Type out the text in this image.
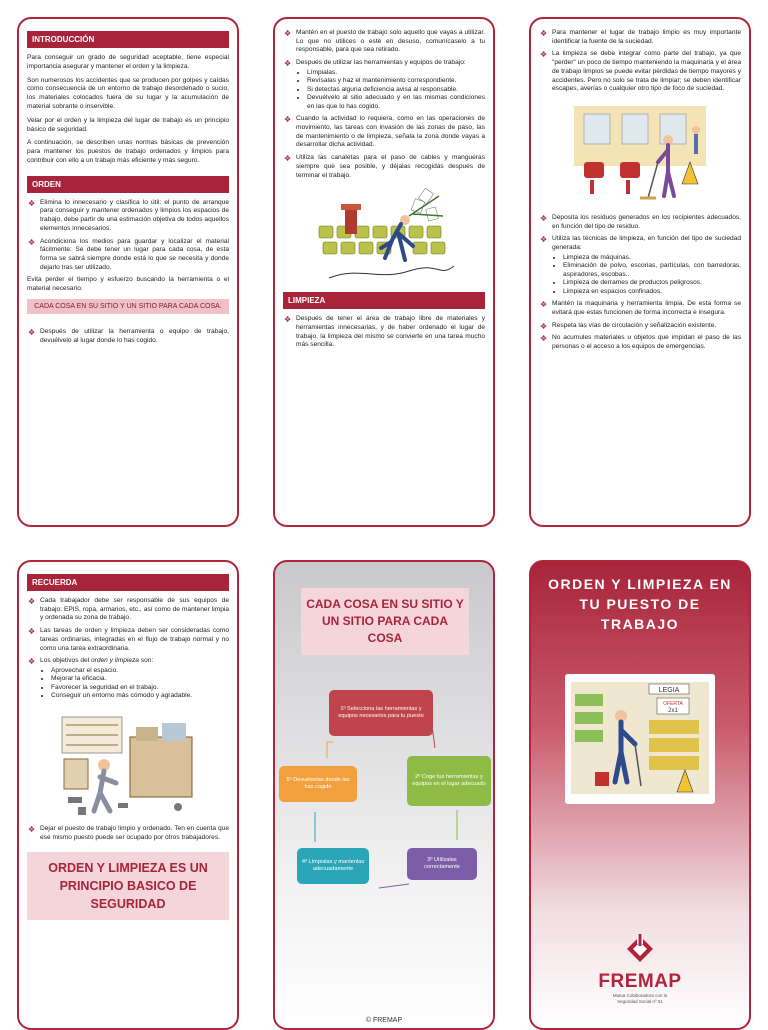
INTRODUCCIÓN

Para conseguir un grado de seguridad aceptable, tiene especial importancia asegurar y mantener el orden y la limpieza.

Son numerosos los accidentes que se producen por golpes y caídas como consecuencia de un entorno de trabajo desordenado o sucio, los materiales colocados fuera de su lugar y la acumulación de material sobrante o inservible.

Velar por el orden y la limpieza del lugar de trabajo es un principio básico de seguridad.

A continuación, se describen unas normas básicas de prevención para mantener los puestos de trabajo ordenados y limpios para contribuir con ello a un trabajo más eficiente y más seguro.

ORDEN
❖ Elimina lo innecesario y clasifica lo útil: el punto de arranque para conseguir y mantener ordenados y limpios los espacios de trabajo, debe partir de una estimación objetiva de todos aquellos elementos innecesarios.
❖ Acondiciona los medios para guardar y localizar el material fácilmente: Se debe tener un lugar para cada cosa, de esta forma se sabrá siempre donde está lo que se necesita y donde dejarlo tras ser utilizado.

Evita perder el tiempo y esfuerzo buscando la herramienta o el material necesario.

CADA COSA EN SU SITIO Y UN SITIO PARA CADA COSA.
❖ Después de utilizar la herramienta o equipo de trabajo, devuélvelo al lugar donde lo has cogido.
❖ Mantén en el puesto de trabajo solo aquello que vayas a utilizar. Lo que no utilices o esté en desuso, comunícaselo a tu responsable, para que sea retirado.
❖ Después de utilizar las herramientas y equipos de trabajo:
• Límpialas.
• Revísalas y haz el mantenimiento correspondiente.
• Si detectas alguna deficiencia avisa al responsable.
• Devuélvelo al sitio adecuado y en las mismas condiciones en las que lo has cogido.
❖ Cuando la actividad lo requiera, como en las operaciones de movimiento, las tareas con invasión de las zonas de paso, las de mantenimiento o de limpieza, señala la zona donde vayas a desarrollar dicha actividad.
❖ Utiliza las canaletas para el paso de cables y mangueras siempre que sea posible, y déjalas recogidas después de terminar el trabajo.
LIMPIEZA
❖ Después de tener el área de trabajo libre de materiales y herramientas innecesarias, y de haber ordenado el lugar de trabajo, la limpieza del mismo se convierte en una tarea mucho más sencilla.
❖ Para mantener el lugar de trabajo limpio es muy importante identificar la fuente de la suciedad.
❖ La limpieza se debe integrar como parte del trabajo, ya que "perder" un poco de tiempo manteniendo la maquinaria y el área de trabajo limpios se puede evitar pérdidas de tiempo mayores y accidentes. Pero no solo se trata de limpiar; se deben identificar escapes, averías o cualquier otro tipo de foco de suciedad.
❖ Deposita los residuos generados en los recipientes adecuados, en función del tipo de residuo.
❖ Utiliza las técnicas de limpieza, en función del tipo de suciedad generada:
• Limpieza de máquinas.
• Eliminación de polvo, escorias, partículas, con barredoras, aspiradores, escobas..
• Limpieza de derrames de productos peligrosos.
• Limpieza en espacios confinados.
❖ Mantén la maquinaria y herramienta limpia. De esta forma se evitará que estas funcionen de forma incorrecta e insegura.
❖ Respeta las vías de circulación y señalización existente.
❖ No acumules materiales u objetos que impidan el paso de las personas o el acceso a los equipos de emergencias.
RECUERDA
❖ Cada trabajador debe ser responsable de sus equipos de trabajo: EPIS, ropa, armarios, etc., así como de mantener limpia y ordenada su zona de trabajo.
❖ Las tareas de orden y limpieza deben ser consideradas como tareas ordinarias, integradas en el flujo de trabajo normal y no como una tarea extraordinaria.
❖ Los objetivos del orden y limpieza son:
• Aprovechar el espacio.
• Mejorar la eficacia.
• Favorecer la seguridad en el trabajo.
• Conseguir un entorno más cómodo y agradable.
❖ Dejar el puesto de trabajo limpio y ordenado. Ten en cuenta que ese mismo puesto puede ser ocupado por otros trabajadores.
ORDEN Y LIMPIEZA ES UN PRINCIPIO BASICO DE SEGURIDAD
CADA COSA EN SU SITIO Y UN SITIO PARA CADA COSA
1º Selecciona las herramientas y equipos necesarios para tu puesto
2º Coge tus herramientas y equipos en el lugar adecuado
3º Utilízalas correctamente
4º Límpialas y mantenlas adecuadamente
5º Devuélvelas donde las has cogido
© FREMAP
ORDEN Y LIMPIEZA EN TU PUESTO DE TRABAJO
LEGIA
OFERTA
2x1
FREMAP
Mutua Colaboradora con la
Seguridad Social nº 61
